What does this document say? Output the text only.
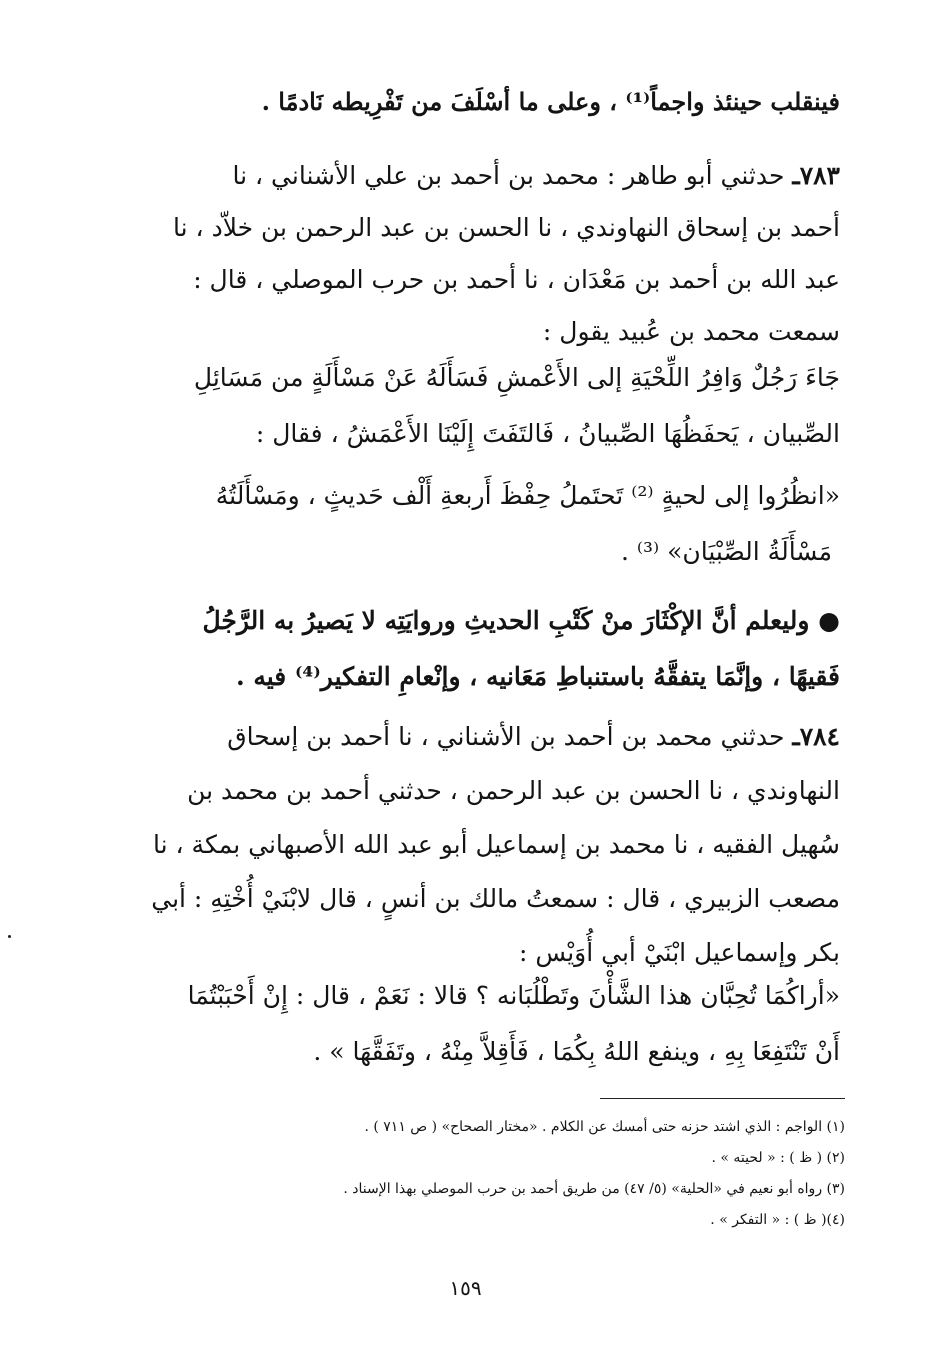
فينقلب حينئذ واجماً⁽¹⁾ ، وعلى ما أسْلَفَ من تَفْرِيطه نَادمًا .
٧٨٣ـ حدثني أبو طاهر : محمد بن أحمد بن علي الأشناني ، نا
أحمد بن إسحاق النهاوندي ، نا الحسن بن عبد الرحمن بن خلاّد ، نا
عبد الله بن أحمد بن مَعْدَان ، نا أحمد بن حرب الموصلي ، قال :
سمعت محمد بن عُبيد يقول :
جَاءَ رَجُلٌ وَافِرُ اللِّحْيَةِ إلى الأَعْمشِ فَسَأَلَهُ عَنْ مَسْأَلَةٍ من مَسَائِلِ
الصِّبيان ، يَحفَظُهَا الصِّبيانُ ، فَالتَفَتَ إِلَيْنَا الأَعْمَشُ ، فقال :
«انظُرُوا إلى لحيةٍ ⁽²⁾ تَحتَملُ حِفْظَ أَربعةِ أَلْف حَديثٍ ، ومَسْأَلَتُهُ
مَسْأَلَةُ الصِّبْيَان» ⁽³⁾ .
● وليعلم أنَّ الإكْثَارَ منْ كَتْبِ الحديثِ وروايَتِه لا يَصيرُ به الرَّجُلُ
فَقيهًا ، وإنَّمَا يتفقَّهُ باستنباطِ مَعَانيه ، وإنْعامِ التفكير⁽⁴⁾ فيه .
٧٨٤ـ حدثني محمد بن أحمد بن الأشناني ، نا أحمد بن إسحاق
النهاوندي ، نا الحسن بن عبد الرحمن ، حدثني أحمد بن محمد بن
سُهيل الفقيه ، نا محمد بن إسماعيل أبو عبد الله الأصبهاني بمكة ، نا
مصعب الزبيري ، قال : سمعتُ مالك بن أنسٍ ، قال لابْنَيْ أُخْتِهِ : أبي
بكر وإسماعيل ابْنَيْ أبي أُوَيْس :
«أراكُمَا تُحِبَّان هذا الشَّأْنَ وتَطْلُبَانه ؟ قالا : نَعَمْ ، قال : إِنْ أَحْبَبْتُمَا
أَنْ تَنْتَفِعَا بِهِ ، وينفع اللهُ بِكُمَا ، فَأَقِلاَّ مِنْهُ ، وتَفَقَّهَا » .
(١) الواجم : الذي اشتد حزنه حتى أمسك عن الكلام . «مختار الصحاح» ( ص ٧١١ ) .
(٢) ( ظ ) : « لحيته » .
(٣) رواه أبو نعيم في «الحلية» (٥/ ٤٧) من طريق أحمد بن حرب الموصلي بهذا الإسناد .
(٤)( ظ ) : « التفكر » .
١٥٩
